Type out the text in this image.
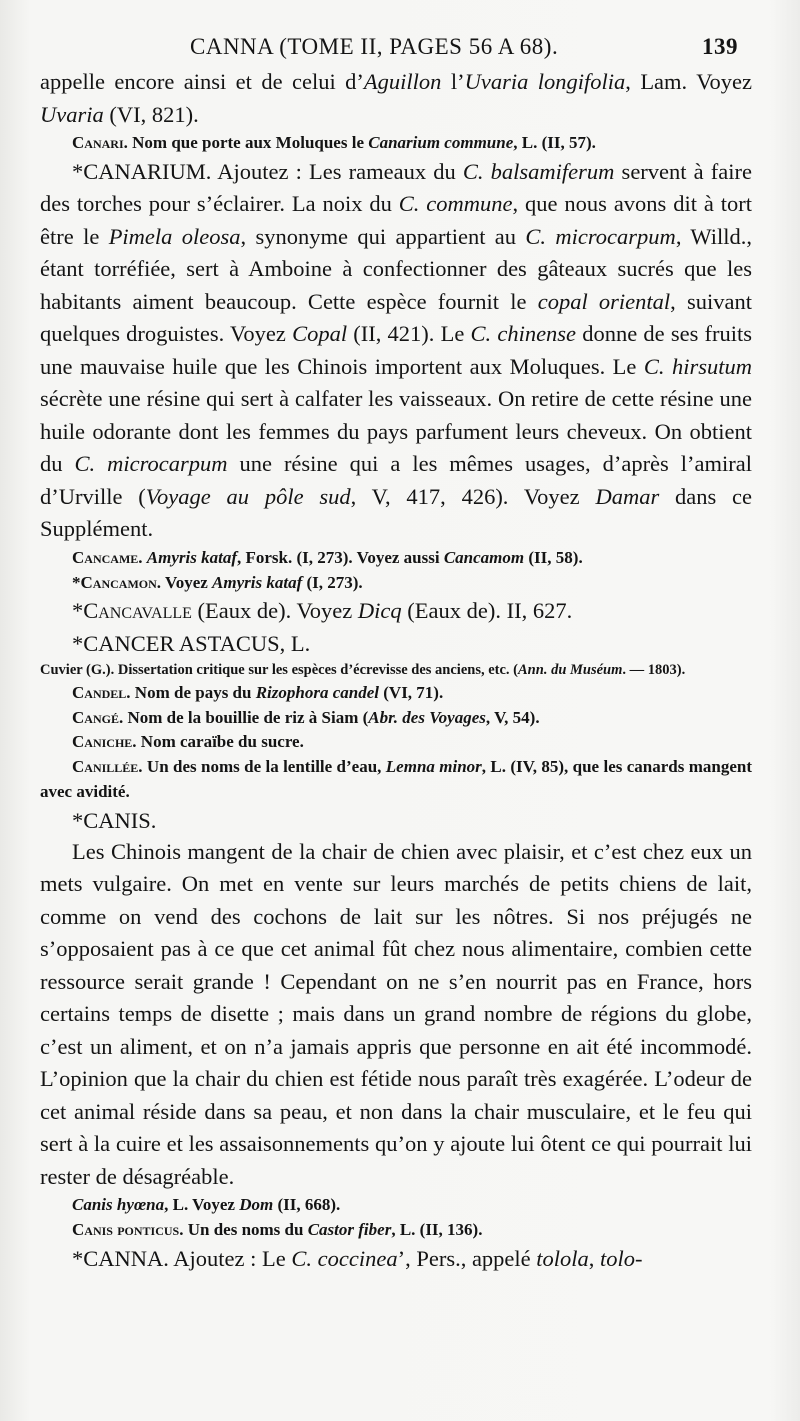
CANNA (TOME II, PAGES 56 A 68).	139

appelle encore ainsi et de celui d’Aguillon l’Uvaria longifolia, Lam. Voyez Uvaria (VI, 821).

Canari. Nom que porte aux Moluques le Canarium commune, L. (II, 57).

*CANARIUM. Ajoutez : Les rameaux du C. balsamiferum servent à faire des torches pour s’éclairer. La noix du C. commune, que nous avons dit à tort être le Pimela oleosa, synonyme qui appartient au C. microcarpum, Willd., étant torréfiée, sert à Amboine à confectionner des gâteaux sucrés que les habitants aiment beaucoup. Cette espèce fournit le copal oriental, suivant quelques droguistes. Voyez Copal (II, 421). Le C. chinense donne de ses fruits une mauvaise huile que les Chinois importent aux Moluques. Le C. hirsutum sécrète une résine qui sert à calfater les vaisseaux. On retire de cette résine une huile odorante dont les femmes du pays parfument leurs cheveux. On obtient du C. microcarpum une résine qui a les mêmes usages, d’après l’amiral d’Urville (Voyage au pôle sud, V, 417, 426). Voyez Damar dans ce Supplément.

Cancame. Amyris kataf, Forsk. (I, 273). Voyez aussi Cancamom (II, 58).

*Cancamon. Voyez Amyris kataf (I, 273).

*Cancavalle (Eaux de). Voyez Dicq (Eaux de). II, 627.

*CANCER ASTACUS, L.

Cuvier (G.). Dissertation critique sur les espèces d’écrevisse des anciens, etc. (Ann. du Muséum. — 1803).

Candel. Nom de pays du Rizophora candel (VI, 71).

Cangé. Nom de la bouillie de riz à Siam (Abr. des Voyages, V, 54).

Caniche. Nom caraïbe du sucre.

Canillée. Un des noms de la lentille d’eau, Lemna minor, L. (IV, 85), que les canards mangent avec avidité.

*CANIS.

Les Chinois mangent de la chair de chien avec plaisir, et c’est chez eux un mets vulgaire. On met en vente sur leurs marchés de petits chiens de lait, comme on vend des cochons de lait sur les nôtres. Si nos préjugés ne s’opposaient pas à ce que cet animal fût chez nous alimentaire, combien cette ressource serait grande ! Cependant on ne s’en nourrit pas en France, hors certains temps de disette ; mais dans un grand nombre de régions du globe, c’est un aliment, et on n’a jamais appris que personne en ait été incommodé. L’opinion que la chair du chien est fétide nous paraît très exagérée. L’odeur de cet animal réside dans sa peau, et non dans la chair musculaire, et le feu qui sert à la cuire et les assaisonnements qu’on y ajoute lui ôtent ce qui pourrait lui rester de désagréable.

Canis hyœna, L. Voyez Dom (II, 668).

Canis ponticus. Un des noms du Castor fiber, L. (II, 136).

*CANNA. Ajoutez : Le C. coccinea’, Pers., appelé tolola, tolo-
